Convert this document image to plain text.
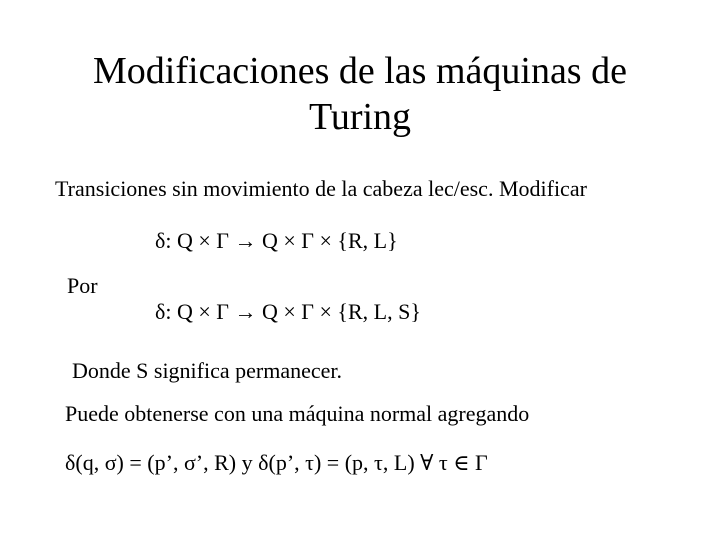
Modificaciones de las máquinas de
Turing
Transiciones sin movimiento de la cabeza lec/esc. Modificar
δ: Q × Γ → Q × Γ × {R, L}
Por
δ: Q × Γ → Q × Γ × {R, L, S}
Donde S significa permanecer.
Puede obtenerse con una máquina normal agregando
δ(q, σ) = (p’, σ’, R) y δ(p’, τ) = (p, τ, L) ∀ τ ∈ Γ
